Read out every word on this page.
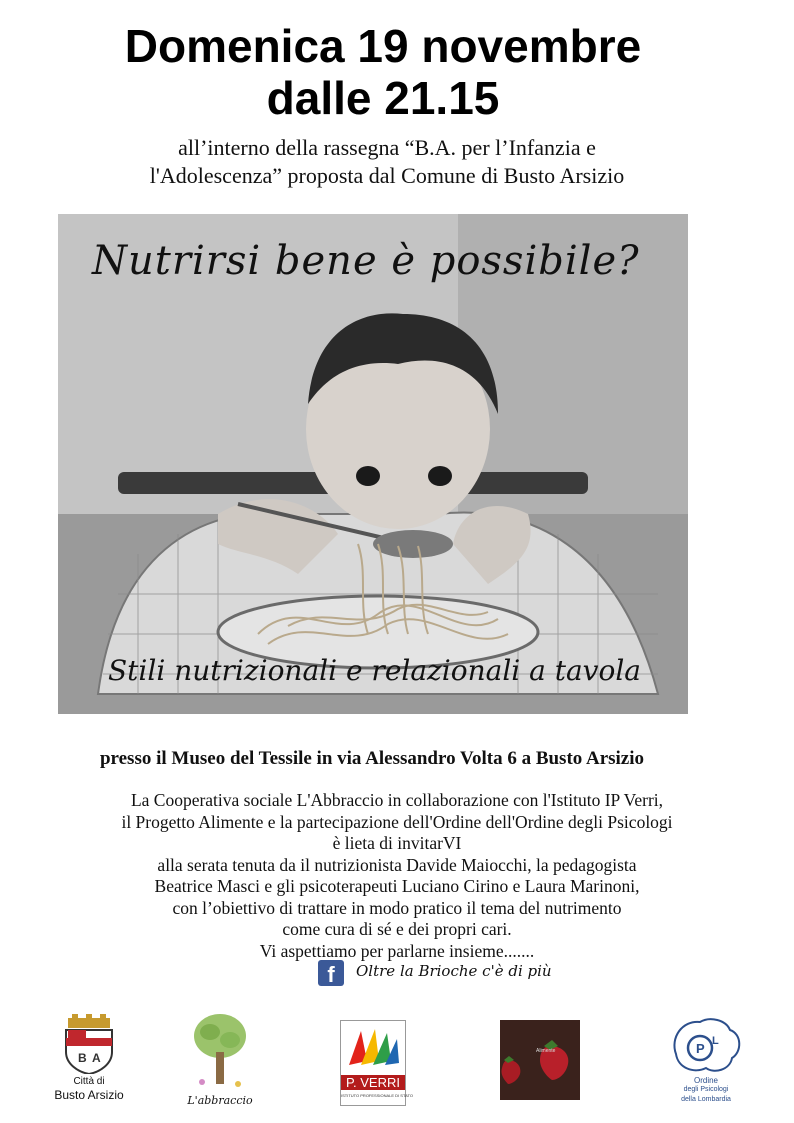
Domenica 19 novembre
dalle 21.15
all’interno della rassegna “B.A. per l’Infanzia e
l'Adolescenza” proposta dal Comune di Busto Arsizio
Nutrirsi bene è possibile?
Stili nutrizionali e relazionali a tavola
presso il Museo del Tessile in via Alessandro Volta 6 a Busto Arsizio
La Cooperativa sociale L'Abbraccio in collaborazione con l'Istituto IP Verri,
il Progetto Alimente e la partecipazione dell'Ordine dell'Ordine degli Psicologi
è lieta di invitarVI
alla serata tenuta da il nutrizionista Davide Maiocchi, la pedagogista
Beatrice Masci e gli psicoterapeuti Luciano Cirino e Laura Marinoni,
con l’obiettivo di trattare in modo pratico il tema del nutrimento
come cura di sé e dei propri cari.
Vi aspettiamo per parlarne insieme.......
f	Oltre la Brioche c'è di più
B A
Città di
Busto Arsizio	L'abbraccio
P. VERRI
ISTITUTO PROFESSIONALE DI STATO
Alimente	P L
Ordine
degli Psicologi
della Lombardia
